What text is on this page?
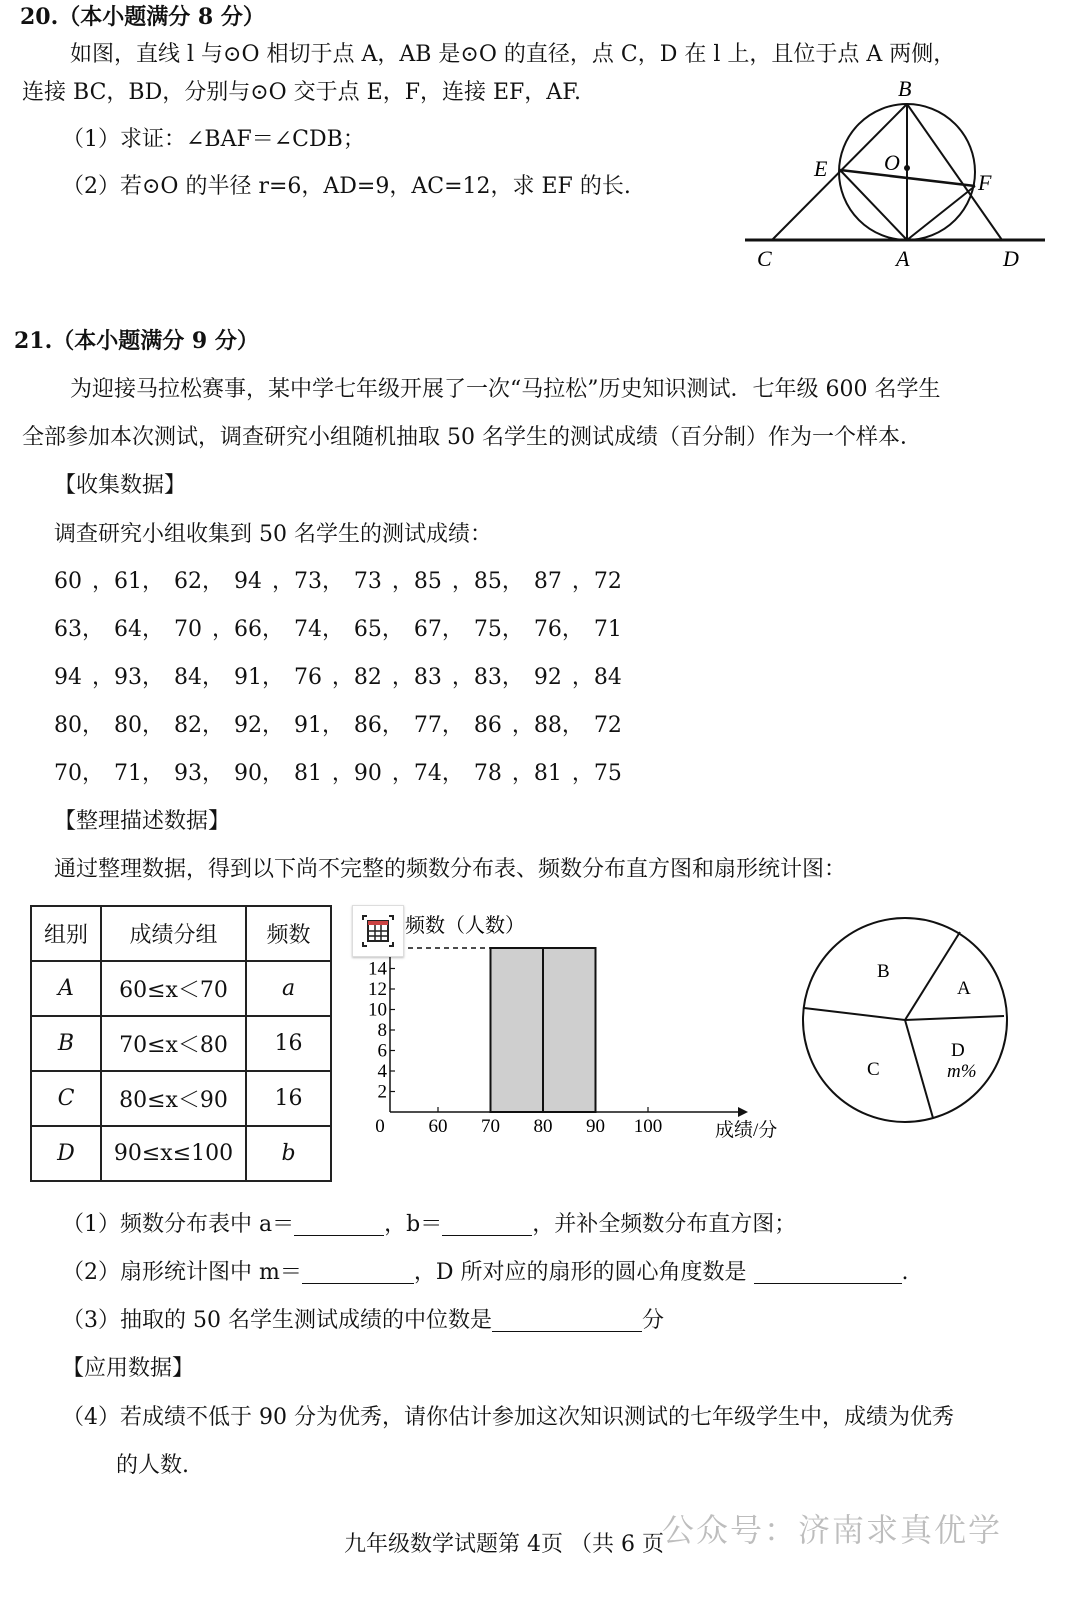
20.（本小题满分 8 分）
如图，直线 l 与⊙O 相切于点 A，AB 是⊙O 的直径，点 C，D 在 l 上，且位于点 A 两侧，
连接 BC，BD，分别与⊙O 交于点 E，F，连接 EF，AF.
（1）求证：∠BAF＝∠CDB；
（2）若⊙O 的半径 r=6，AD=9，AC=12，求 EF 的长.
B
O
E
F
C	A	D
21.（本小题满分 9 分）
为迎接马拉松赛事，某中学七年级开展了一次“马拉松”历史知识测试．七年级 600 名学生
全部参加本次测试，调查研究小组随机抽取 50 名学生的测试成绩（百分制）作为一个样本．
【收集数据】
调查研究小组收集到 50 名学生的测试成绩：
60 ，61， 62， 94 ，73， 73 ，85 ，85， 87 ，72
63， 64， 70 ，66， 74， 65， 67， 75， 76， 71
94 ，93， 84， 91， 76 ，82 ，83 ，83， 92 ，84
80， 80， 82， 92， 91， 86， 77， 86 ，88， 72
70， 71， 93， 90， 81 ，90 ，74， 78 ，81 ，75
【整理描述数据】
通过整理数据，得到以下尚不完整的频数分布表、频数分布直方图和扇形统计图：
组别	成绩分组	频数
A	60≤x＜70	a
B	70≤x＜80	16
C	80≤x＜90	16
D	90≤x≤100	b
2
4
6
8
10
12
14
0 60 70 80 90 100
频数（人数）
成绩/分
B
A
C
D
m%
（1）频数分布表中 a＝	，b＝	，并补全频数分布直方图；
（2）扇形统计图中 m＝	，D 所对应的扇形的圆心角度数是	.
（3）抽取的 50 名学生测试成绩的中位数是	分
【应用数据】
（4）若成绩不低于 90 分为优秀，请你估计参加这次知识测试的七年级学生中，成绩为优秀
的人数.
公众号：济南求真优学
九年级数学试题第 4页 （共 6 页
